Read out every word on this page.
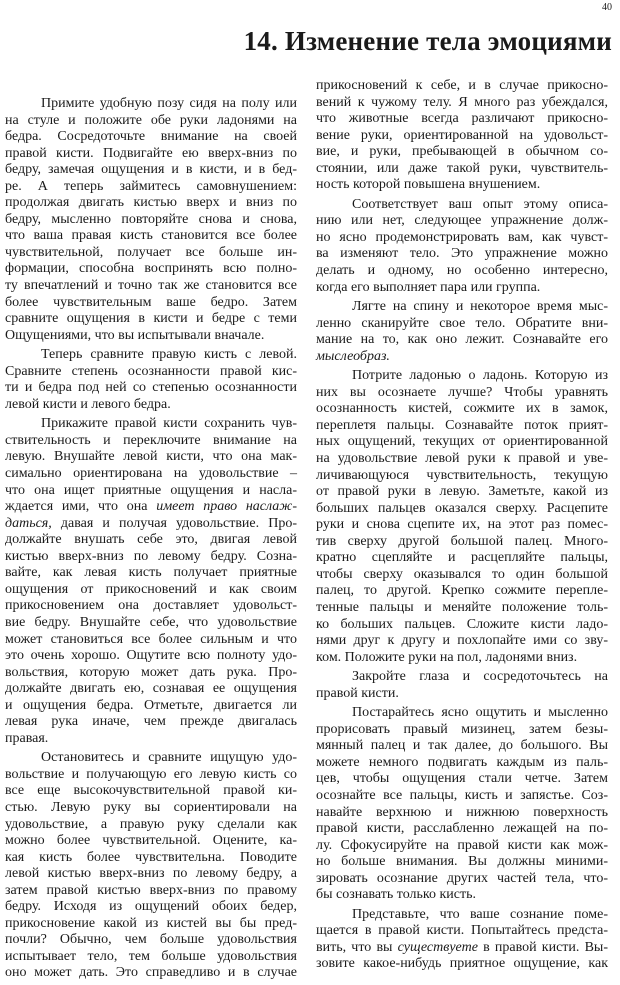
40
14. Изменение тела эмоциями
Примите удобную позу сидя на полу или
на стуле и положите обе руки ладонями на
бедра. Сосредоточьте внимание на своей
правой кисти. Подвигайте ею вверх-вниз по
бедру, замечая ощущения и в кисти, и в бед-
ре. А теперь займитесь самовнушением:
продолжая двигать кистью вверх и вниз по
бедру, мысленно повторяйте снова и снова,
что ваша правая кисть становится все более
чувствительной, получает все больше ин-
формации, способна воспринять всю полно-
ту впечатлений и точно так же становится все
более чувствительным ваше бедро. Затем
сравните ощущения в кисти и бедре с теми
Ощущениями, что вы испытывали вначале.
Теперь сравните правую кисть с левой.
Сравните степень осознанности правой кис-
ти и бедра под ней со степенью осознанности
левой кисти и левого бедра.
Прикажите правой кисти сохранить чув-
ствительность и переключите внимание на
левую. Внушайте левой кисти, что она мак-
симально ориентирована на удовольствие –
что она ищет приятные ощущения и насла-
ждается ими, что она имеет право наслаж-
даться, давая и получая удовольствие. Про-
должайте внушать себе это, двигая левой
кистью вверх-вниз по левому бедру. Созна-
вайте, как левая кисть получает приятные
ощущения от прикосновений и как своим
прикосновением она доставляет удовольст-
вие бедру. Внушайте себе, что удовольствие
может становиться все более сильным и что
это очень хорошо. Ощутите всю полноту удо-
вольствия, которую может дать рука. Про-
должайте двигать ею, сознавая ее ощущения
и ощущения бедра. Отметьте, двигается ли
левая рука иначе, чем прежде двигалась
правая.
Остановитесь и сравните ищущую удо-
вольствие и получающую его левую кисть со
все еще высокочувствительной правой ки-
стью. Левую руку вы сориентировали на
удовольствие, а правую руку сделали как
можно более чувствительной. Оцените, ка-
кая кисть более чувствительна. Поводите
левой кистью вверх-вниз по левому бедру, а
затем правой кистью вверх-вниз по правому
бедру. Исходя из ощущений обоих бедер,
прикосновение какой из кистей вы бы пред-
почли? Обычно, чем больше удовольствия
испытывает тело, тем больше удовольствия
оно может дать. Это справедливо и в случае
прикосновений к себе, и в случае прикосно-
вений к чужому телу. Я много раз убеждался,
что животные всегда различают прикосно-
вение руки, ориентированной на удовольст-
вие, и руки, пребывающей в обычном со-
стоянии, или даже такой руки, чувствитель-
ность которой повышена внушением.
Соответствует ваш опыт этому описа-
нию или нет, следующее упражнение долж-
но ясно продемонстрировать вам, как чувст-
ва изменяют тело. Это упражнение можно
делать и одному, но особенно интересно,
когда его выполняет пара или группа.
Лягте на спину и некоторое время мыс-
ленно сканируйте свое тело. Обратите вни-
мание на то, как оно лежит. Сознавайте его
мыслеобраз.
Потрите ладонью о ладонь. Которую из
них вы осознаете лучше? Чтобы уравнять
осознанность кистей, сожмите их в замок,
переплетя пальцы. Сознавайте поток прият-
ных ощущений, текущих от ориентированной
на удовольствие левой руки к правой и уве-
личивающуюся чувствительность, текущую
от правой руки в левую. Заметьте, какой из
больших пальцев оказался сверху. Расцепите
руки и снова сцепите их, на этот раз помес-
тив сверху другой большой палец. Много-
кратно сцепляйте и расцепляйте пальцы,
чтобы сверху оказывался то один большой
палец, то другой. Крепко сожмите перепле-
тенные пальцы и меняйте положение толь-
ко больших пальцев. Сложите кисти ладо-
нями друг к другу и похлопайте ими со зву-
ком. Положите руки на пол, ладонями вниз.
Закройте глаза и сосредоточьтесь на
правой кисти.
Постарайтесь ясно ощутить и мысленно
прорисовать правый мизинец, затем безы-
мянный палец и так далее, до большого. Вы
можете немного подвигать каждым из паль-
цев, чтобы ощущения стали четче. Затем
осознайте все пальцы, кисть и запястье. Соз-
навайте верхнюю и нижнюю поверхность
правой кисти, расслабленно лежащей на по-
лу. Сфокусируйте на правой кисти как мож-
но больше внимания. Вы должны миними-
зировать осознание других частей тела, что-
бы сознавать только кисть.
Представьте, что ваше сознание поме-
щается в правой кисти. Попытайтесь предста-
вить, что вы существуете в правой кисти. Вы-
зовите какое-нибудь приятное ощущение, как
